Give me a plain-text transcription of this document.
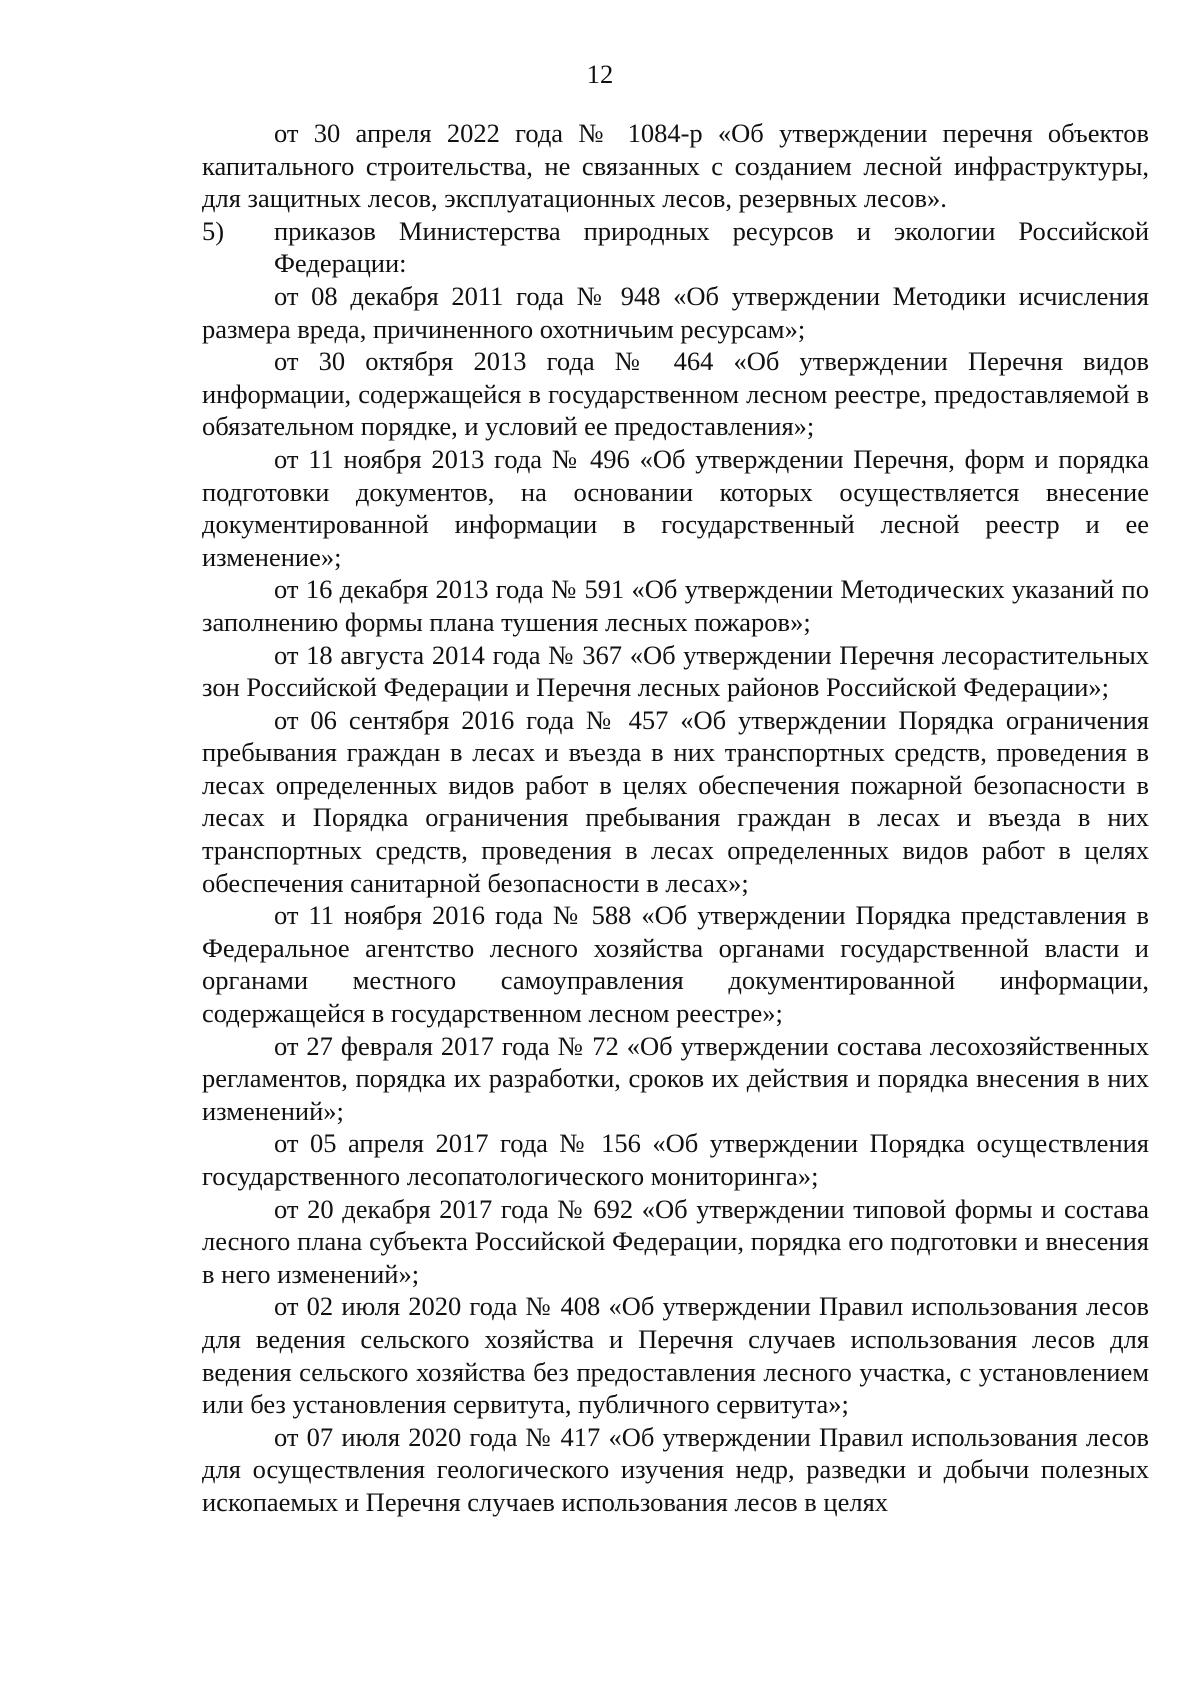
12

от 30 апреля 2022 года № 1084-р «Об утверждении перечня объектов капитального строительства, не связанных с созданием лесной инфраструктуры, для защитных лесов, эксплуатационных лесов, резервных лесов».

5) приказов Министерства природных ресурсов и экологии Российской Федерации:

от 08 декабря 2011 года № 948 «Об утверждении Методики исчисления размера вреда, причиненного охотничьим ресурсам»;

от 30 октября 2013 года № 464 «Об утверждении Перечня видов информации, содержащейся в государственном лесном реестре, предоставляемой в обязательном порядке, и условий ее предоставления»;

от 11 ноября 2013 года № 496 «Об утверждении Перечня, форм и порядка подготовки документов, на основании которых осуществляется внесение документированной информации в государственный лесной реестр и ее изменение»;

от 16 декабря 2013 года № 591 «Об утверждении Методических указаний по заполнению формы плана тушения лесных пожаров»;

от 18 августа 2014 года № 367 «Об утверждении Перечня лесорастительных зон Российской Федерации и Перечня лесных районов Российской Федерации»;

от 06 сентября 2016 года № 457 «Об утверждении Порядка ограничения пребывания граждан в лесах и въезда в них транспортных средств, проведения в лесах определенных видов работ в целях обеспечения пожарной безопасности в лесах и Порядка ограничения пребывания граждан в лесах и въезда в них транспортных средств, проведения в лесах определенных видов работ в целях обеспечения санитарной безопасности в лесах»;

от 11 ноября 2016 года № 588 «Об утверждении Порядка представления в Федеральное агентство лесного хозяйства органами государственной власти и органами местного самоуправления документированной информации, содержащейся в государственном лесном реестре»;

от 27 февраля 2017 года № 72 «Об утверждении состава лесохозяйственных регламентов, порядка их разработки, сроков их действия и порядка внесения в них изменений»;

от 05 апреля 2017 года № 156 «Об утверждении Порядка осуществления государственного лесопатологического мониторинга»;

от 20 декабря 2017 года № 692 «Об утверждении типовой формы и состава лесного плана субъекта Российской Федерации, порядка его подготовки и внесения в него изменений»;

от 02 июля 2020 года № 408 «Об утверждении Правил использования лесов для ведения сельского хозяйства и Перечня случаев использования лесов для ведения сельского хозяйства без предоставления лесного участка, с установлением или без установления сервитута, публичного сервитута»;

от 07 июля 2020 года № 417 «Об утверждении Правил использования лесов для осуществления геологического изучения недр, разведки и добычи полезных ископаемых и Перечня случаев использования лесов в целях
